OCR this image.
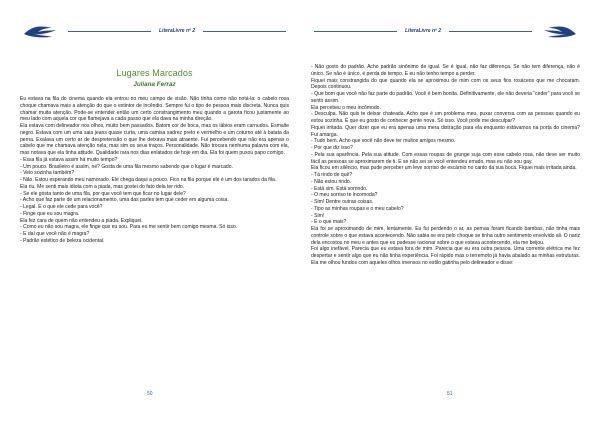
LiteraLivre nº 2
Lugares Marcados
Juliana Ferraz

Eu estava na fila do cinema quando ela entrou no meu campo de visão. Não tinha como não notá-la: o cabelo rosa choque chamava mais a atenção do que o extintor de incêndio. Sempre fui o tipo de pessoa mais discreta. Nunca quis chamar muita atenção. Pode-se entender então um certo constrangimento meu quando a garota ficou justamente ao meu lado com aquela cor que flamejava a cada passo que ela dava na minha direção.

Ela estava com delineador nos olhos, muito bem passados. Batom cor de boca, mas os lábios eram carnudos. Esmalte negro. Estava com um uma saia jeans quase curta, uma camisa xadrez preto e vermelho e um coturno até à batata da perna. Exalava um certo ar de despretensão o que lhe deixava mais atraente. Fui percebendo que não era apenas o cabelo que me chamava atenção nela, mas sim os seus traços. Personalidade. Não trocara nenhuma palavra com ela, mas notava que ela tinha atitude. Qualidade rara nos dias enlatados de hoje em dia. Ela foi quem puxou papo comigo.

- Essa fila já estava assim há muito tempo?

- Um pouco. Brasileiro é assim, né? Gosta de uma fila mesmo sabendo que o lugar é marcado.

- Veio sozinha também?

- Não. Estou esperando meu namorado. Ele chega daqui a pouco. Fico na fila porque ele é um dos tarados da fila.

Ela riu. Me senti mais idiota com a piada, mas gostei do fato dela ter rido.

- Se ele gosta tanto de uma fila, por que você tem que ficar no lugar dele?

- Acho que faz parte de um relacionamento, uma das partes tem que ceder em alguma coisa.

- Legal. E o que ele cede para você?

- Finge que eu sou magra.

Ela fez cara de quem não entendeu a piada. Expliquei.

- Como eu não sou magra, ele finge que eu sou. Para eu me sentir bem comigo mesma. Só isso.

- E daí que você não é magra?

- Padrão estético de beleza ocidental.

50
LiteraLivre nº 2

- Não gosto do padrão. Acho padrão sinônimo de igual. Se é igual, não faz diferença. Se não tem diferença, não é único. Se não é único, é perda de tempo. E eu não tenho tempo a perder.

Fiquei mais constrangida do que quando ela se aproximou de mim com os seus fios rosáceos que me chocaram. Depois continuou.

- Que bom que você não faz parte do padrão. Você é bem bonita. Definitivamente, ele não deveria "ceder" para você se sentir assim.

Ela percebeu o meu incômodo.

- Desculpa. Não quis te deixar chateada. Acho que é um problema meu, puxar conversa com as pessoas quando eu estou sozinha. É que eu gosto de conhecer gente nova. Só isso. Você pode me desculpar?

Fiquei irritada. Quer dizer que eu era apenas uma mera distração para ela enquanto estávamos na porta do cinema? Fui amarga.

- Tudo bem. Acho que você não deve ter muitos amigos mesmo.

- Por que diz isso?

- Pela sua aparência. Pela sua atitude. Com essas roupas de grunge suja com esse cabelo rosa, não deve ser muito fácil as pessoas se aproximarem de ti. E se não sei se você entendeu errado, mas eu não sou gay.

Ela ficou em silêncio, mas pude perceber um leve sorriso de escárnio no canto da sua boca. Fiquei mais irritada ainda.

- Tá rindo de quê?

- Não estou rindo.

- Está sim. Está sorrindo.

- O meu sorriso te incomoda?

- Sim! Dentre outras coisas.

- Tipo as minhas roupas e o meu cabelo?

- Sim!

- E o que mais?

Ela foi se aproximando de mim, lentamente. Eu fui perdendo o ar, as pernas foram ficando bambas, não tinha mais controle sobre o que estava acontecendo. Não sabia se era pelo choque se tinha outro sentimento envolvido ali. O nariz dela encostou no meu e antes que eu pudesse racionar sobre o que estava acontecendo, ela me beijou.

Foi algo inefável. Parecia que eu estava fora de mim. Parecia que eu era outra pessoa. Uma corrente elétrica me fez despertar e sentir algo que eu não tinha experiência. Foi rápido mas o terremoto já havia abalado as minhas estruturas. Ela me olhou fundos com aqueles olhos imensos no estilo gatinha pelo delineador e disse:

51
